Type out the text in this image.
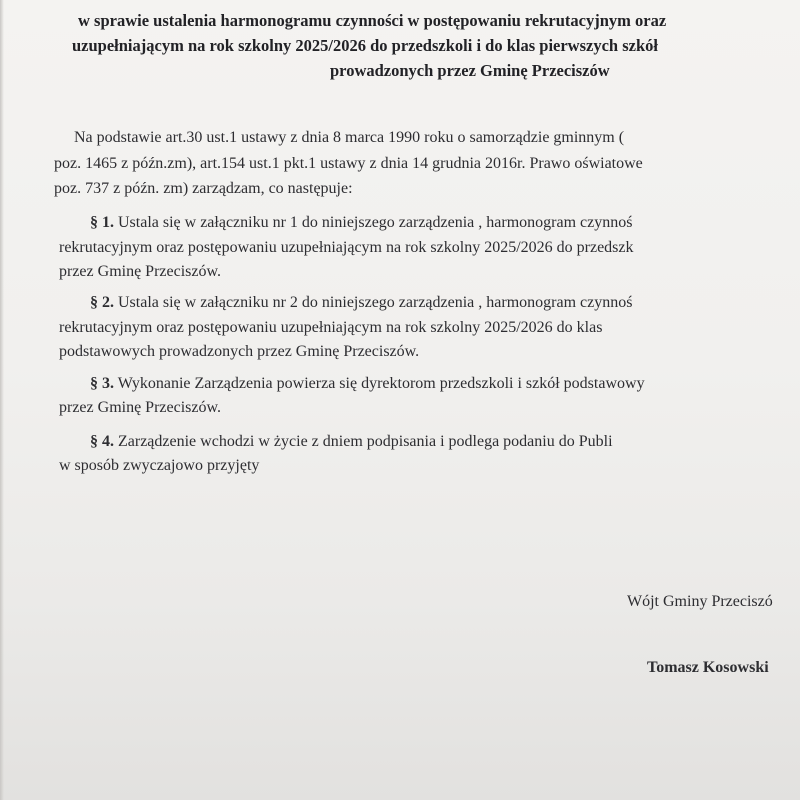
w sprawie ustalenia harmonogramu czynności w postępowaniu rekrutacyjnym oraz
uzupełniającym na rok szkolny 2025/2026 do przedszkoli i do klas pierwszych szkół
prowadzonych przez Gminę Przeciszów
Na podstawie art.30 ust.1 ustawy z dnia 8 marca 1990 roku o samorządzie gminnym (
poz. 1465 z późn.zm), art.154 ust.1 pkt.1 ustawy z dnia 14 grudnia 2016r. Prawo oświatowe
poz. 737 z późn. zm) zarządzam, co następuje:
§ 1. Ustala się w załączniku nr 1 do niniejszego zarządzenia , harmonogram czynnoś
rekrutacyjnym oraz postępowaniu uzupełniającym na rok szkolny 2025/2026 do przedszk
przez Gminę Przeciszów.
§ 2. Ustala się w załączniku nr 2 do niniejszego zarządzenia , harmonogram czynnoś
rekrutacyjnym oraz postępowaniu uzupełniającym na rok szkolny 2025/2026 do klas
podstawowych prowadzonych przez Gminę Przeciszów.
§ 3. Wykonanie Zarządzenia powierza się dyrektorom przedszkoli i szkół podstawowy
przez Gminę Przeciszów.
§ 4. Zarządzenie wchodzi w życie z dniem podpisania i podlega podaniu do Publi
w sposób zwyczajowo przyjęty
Wójt Gminy Przeciszó
Tomasz Kosowski
